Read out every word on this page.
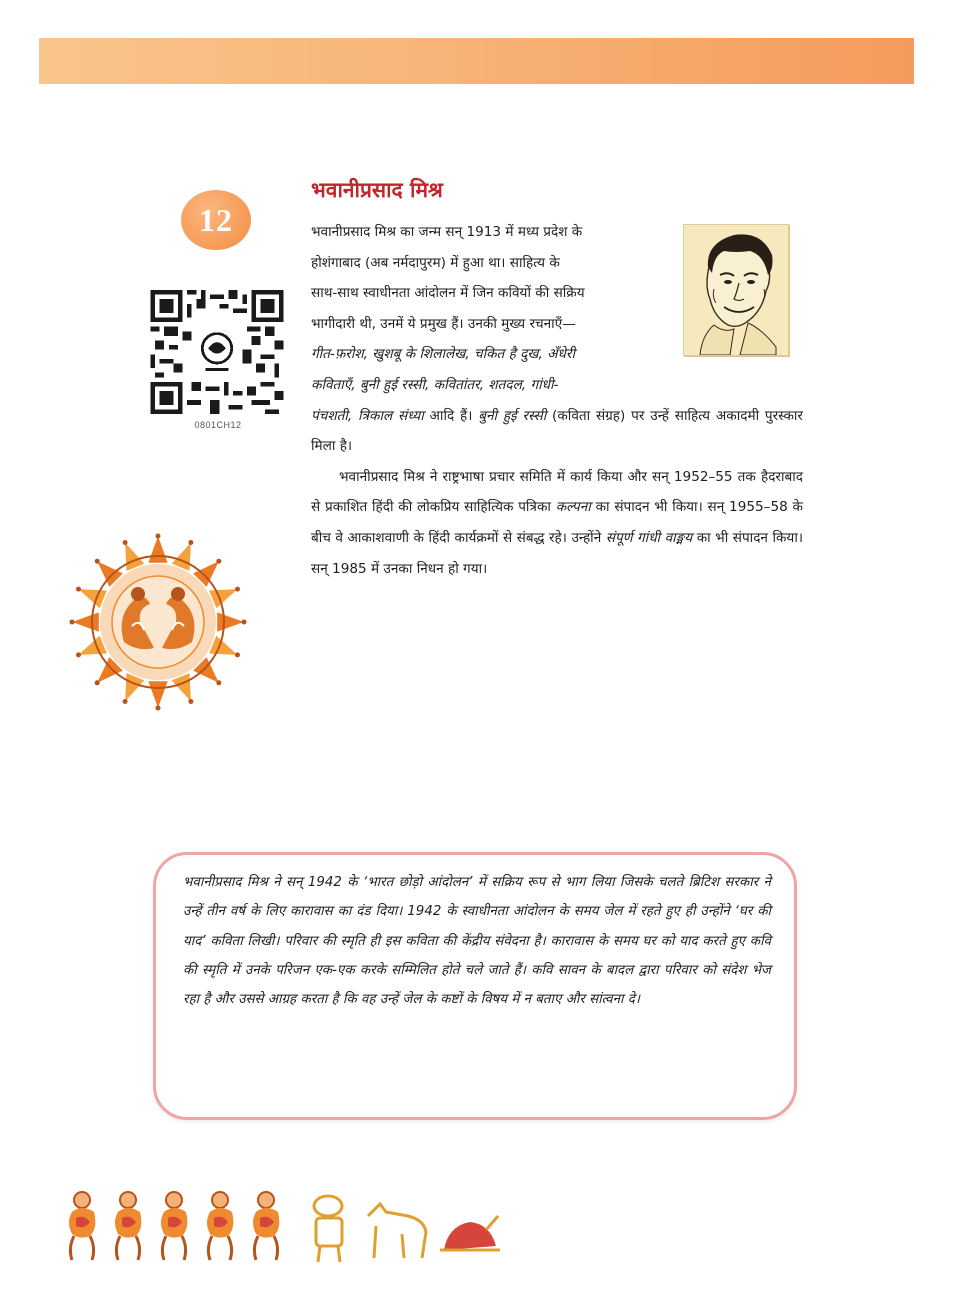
12
0801CH12
भवानीप्रसाद मिश्र

भवानीप्रसाद मिश्र का जन्म सन् 1913 में मध्य प्रदेश के

होशंगाबाद (अब नर्मदापुरम) में हुआ था। साहित्य के

साथ-साथ स्वाधीनता आंदोलन में जिन कवियों की सक्रिय

भागीदारी थी, उनमें ये प्रमुख हैं। उनकी मुख्य रचनाएँ—

गीत-फ़रोश, खुशबू के शिलालेख, चकित है दुख, अँधेरी

कविताएँ, बुनी हुई रस्सी, कवितांतर, शतदल, गांधी-

पंचशती, त्रिकाल संध्या आदि हैं। बुनी हुई रस्सी (कविता संग्रह) पर उन्हें साहित्य अकादमी पुरस्कार मिला है।

भवानीप्रसाद मिश्र ने राष्ट्रभाषा प्रचार समिति में कार्य किया और सन् 1952–55 तक हैदराबाद से प्रकाशित हिंदी की लोकप्रिय साहित्यिक पत्रिका कल्पना का संपादन भी किया। सन् 1955–58 के बीच वे आकाशवाणी के हिंदी कार्यक्रमों से संबद्ध रहे। उन्होंने संपूर्ण गांधी वाङ्मय का भी संपादन किया। सन् 1985 में उनका निधन हो गया।

भवानीप्रसाद मिश्र ने सन् 1942 के ‘भारत छोड़ो आंदोलन’ में सक्रिय रूप से भाग लिया जिसके चलते ब्रिटिश सरकार ने उन्हें तीन वर्ष के लिए कारावास का दंड दिया। 1942 के स्वाधीनता आंदोलन के समय जेल में रहते हुए ही उन्होंने ‘घर की याद’ कविता लिखी। परिवार की स्मृति ही इस कविता की केंद्रीय संवेदना है। कारावास के समय घर को याद करते हुए कवि की स्मृति में उनके परिजन एक-एक करके सम्मिलित होते चले जाते हैं। कवि सावन के बादल द्वारा परिवार को संदेश भेज रहा है और उससे आग्रह करता है कि वह उन्हें जेल के कष्टों के विषय में न बताए और सांत्वना दे।
